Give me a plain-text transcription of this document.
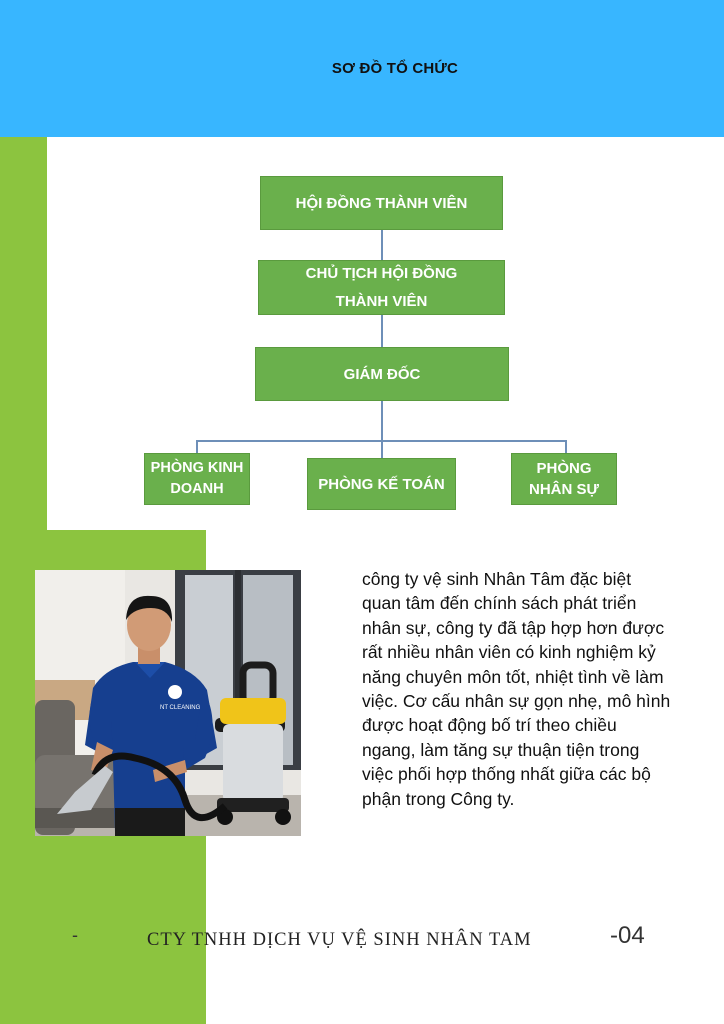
SƠ ĐỒ TỔ CHỨC
HỘI ĐỒNG THÀNH VIÊN
CHỦ TỊCH HỘI ĐỒNG
THÀNH VIÊN
GIÁM ĐỐC
PHÒNG KINH
DOANH	PHÒNG KẾ TOÁN
PHÒNG
NHÂN SỰ
NT CLEANING
công ty vệ sinh Nhân Tâm đặc biệt
quan tâm đến chính sách phát triển
nhân sự, công ty đã tập hợp hơn được
rất nhiều nhân viên có kinh nghiệm kỷ
năng chuyên môn tốt, nhiệt tình về làm
việc. Cơ cấu nhân sự gọn nhẹ, mô hình
được hoạt động bố trí theo chiều
ngang, làm tăng sự thuận tiện trong
việc phối hợp thống nhất giữa các bộ
phận trong Công ty.
-	CTY TNHH DỊCH VỤ VỆ SINH NHÂN TAM	-04
